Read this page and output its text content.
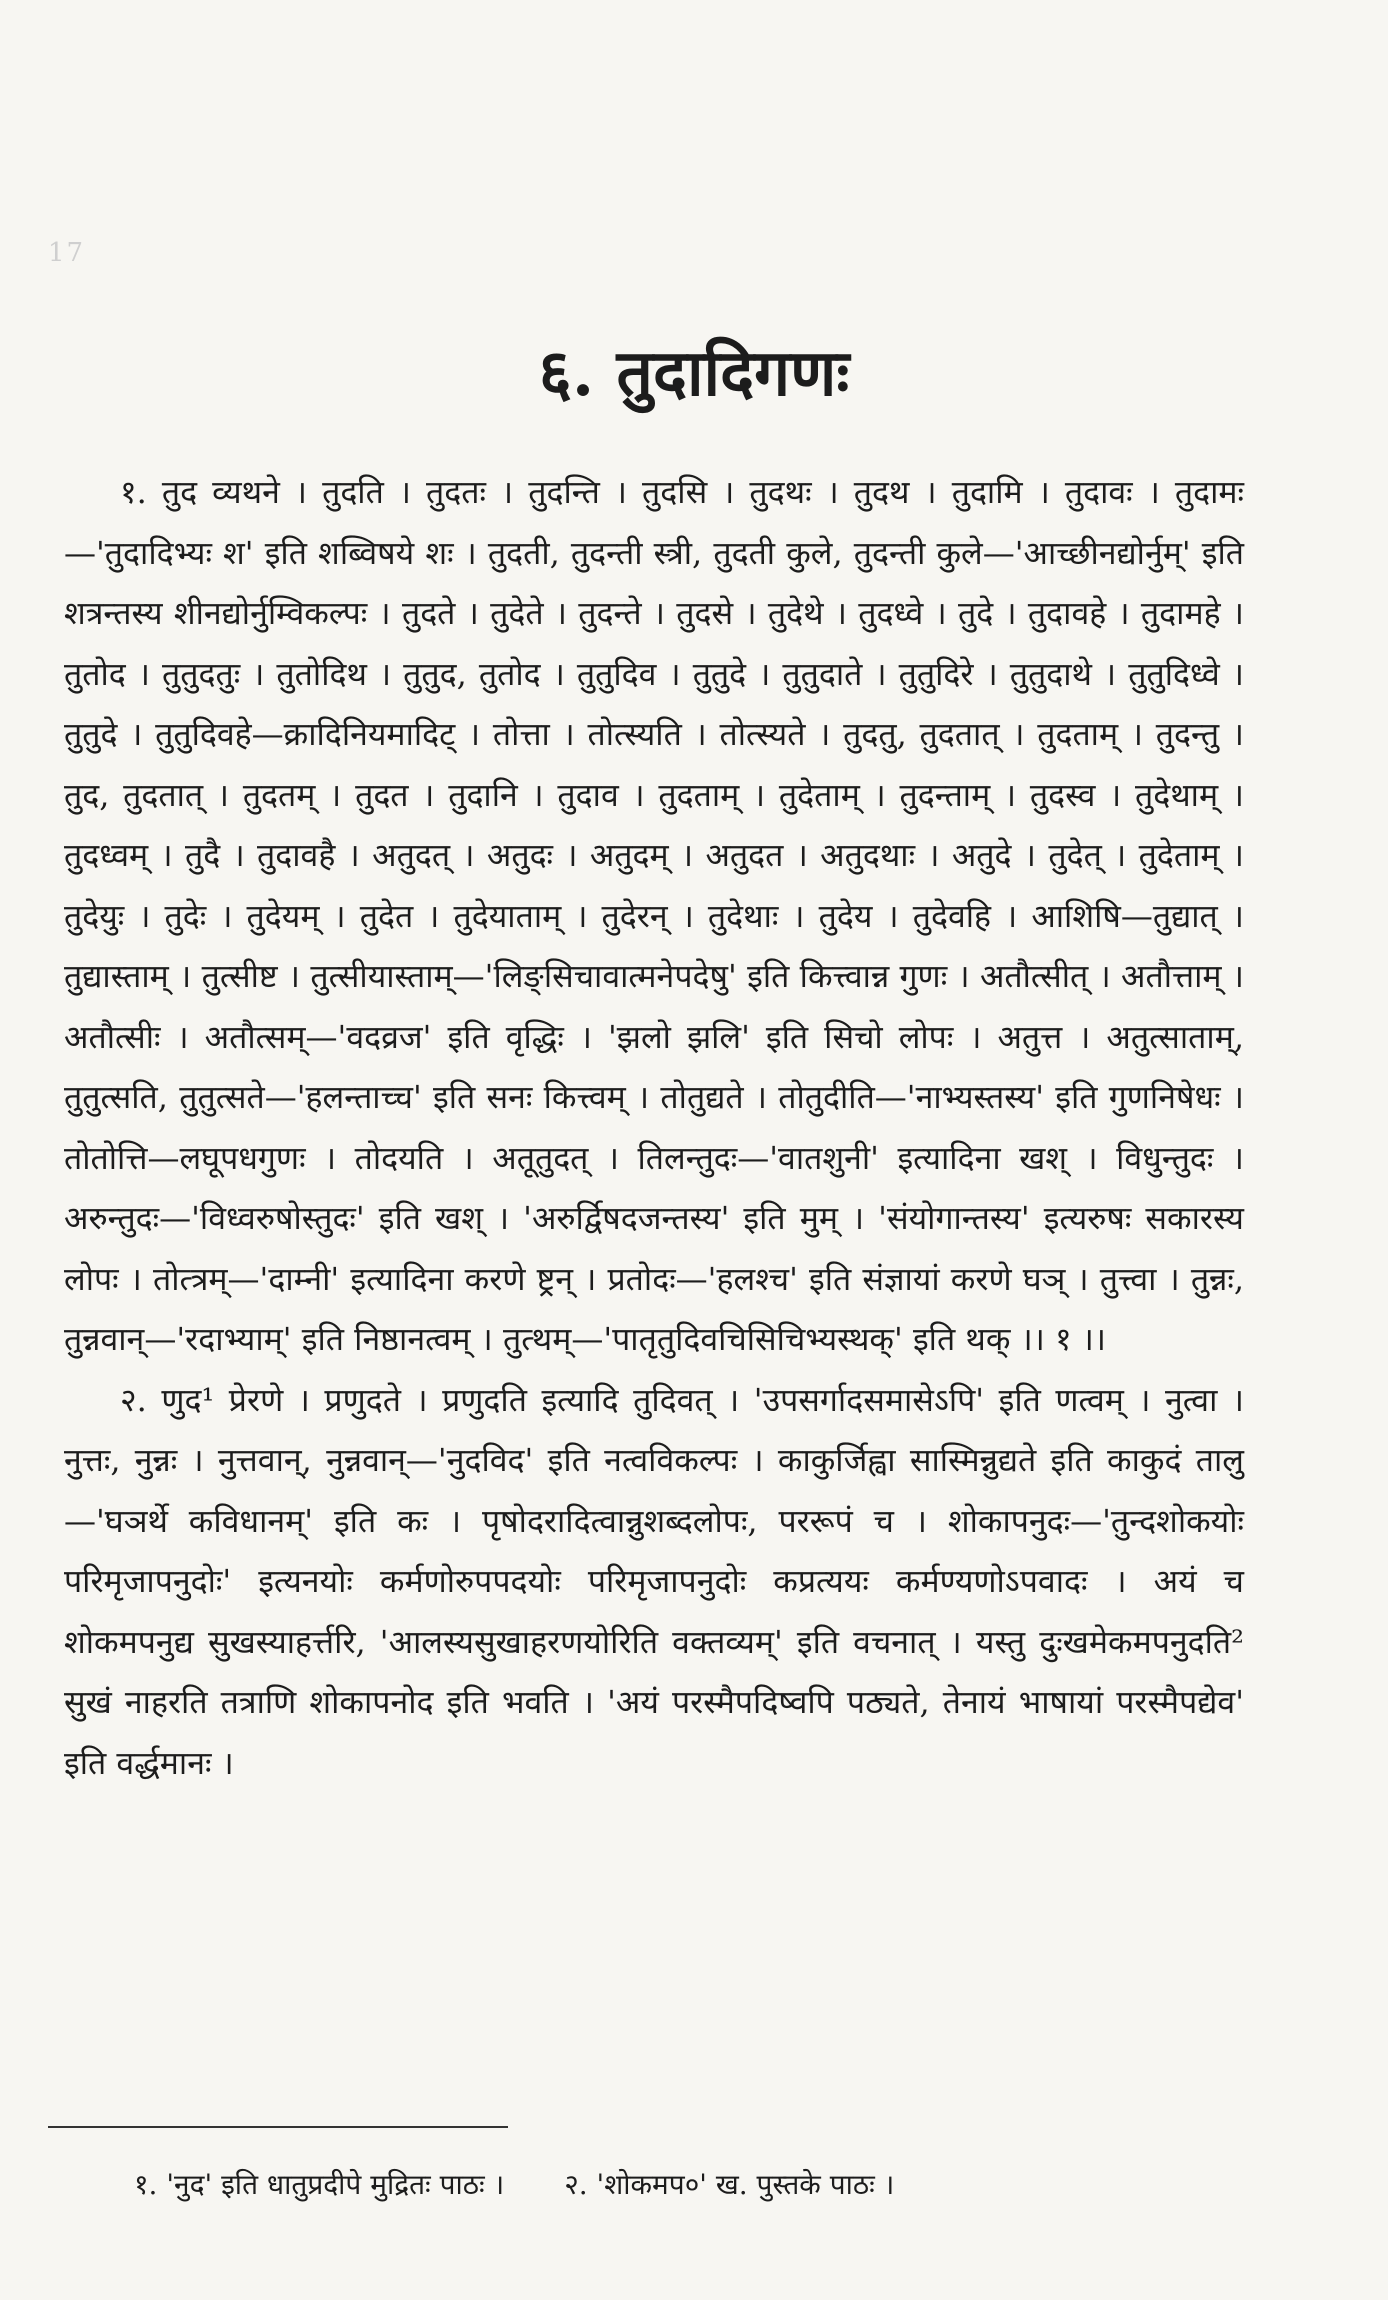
17
६. तुदादिगणः

१. तुद व्यथने । तुदति । तुदतः । तुदन्ति । तुदसि । तुदथः । तुदथ । तुदामि । तुदावः । तुदामः—'तुदादिभ्यः श' इति शब्विषये शः । तुदती, तुदन्ती स्त्री, तुदती कुले, तुदन्ती कुले—'आच्छीनद्योर्नुम्' इति शत्रन्तस्य शीनद्योर्नुम्विकल्पः । तुदते । तुदेते । तुदन्ते । तुदसे । तुदेथे । तुदध्वे । तुदे । तुदावहे । तुदामहे । तुतोद । तुतुदतुः । तुतोदिथ । तुतुद, तुतोद । तुतुदिव । तुतुदे । तुतुदाते । तुतुदिरे । तुतुदाथे । तुतुदिध्वे । तुतुदे । तुतुदिवहे—क्रादिनियमादिट् । तोत्ता । तोत्स्यति । तोत्स्यते । तुदतु, तुदतात् । तुदताम् । तुदन्तु । तुद, तुदतात् । तुदतम् । तुदत । तुदानि । तुदाव । तुदताम् । तुदेताम् । तुदन्ताम् । तुदस्व । तुदेथाम् । तुदध्वम् । तुदै । तुदावहै । अतुदत् । अतुदः । अतुदम् । अतुदत । अतुदथाः । अतुदे । तुदेत् । तुदेताम् । तुदेयुः । तुदेः । तुदेयम् । तुदेत । तुदेयाताम् । तुदेरन् । तुदेथाः । तुदेय । तुदेवहि । आशिषि—तुद्यात् । तुद्यास्ताम् । तुत्सीष्ट । तुत्सीयास्ताम्—'लिङ्सिचावात्मनेपदेषु' इति कित्त्वान्न गुणः । अतौत्सीत् । अतौत्ताम् । अतौत्सीः । अतौत्सम्—'वदव्रज' इति वृद्धिः । 'झलो झलि' इति सिचो लोपः । अतुत्त । अतुत्साताम्, तुतुत्सति, तुतुत्सते—'हलन्ताच्च' इति सनः कित्त्वम् । तोतुद्यते । तोतुदीति—'नाभ्यस्तस्य' इति गुणनिषेधः । तोतोत्ति—लघूपधगुणः । तोदयति । अतूतुदत् । तिलन्तुदः—'वातशुनी' इत्यादिना खश् । विधुन्तुदः । अरुन्तुदः—'विध्वरुषोस्तुदः' इति खश् । 'अरुर्द्विषदजन्तस्य' इति मुम् । 'संयोगान्तस्य' इत्यरुषः सकारस्य लोपः । तोत्त्रम्—'दाम्नी' इत्यादिना करणे ष्ट्रन् । प्रतोदः—'हलश्च' इति संज्ञायां करणे घञ् । तुत्त्वा । तुन्नः, तुन्नवान्—'रदाभ्याम्' इति निष्ठानत्वम् । तुत्थम्—'पातृतुदिवचिसिचिभ्यस्थक्' इति थक् ।। १ ।।

२. णुद¹ प्रेरणे । प्रणुदते । प्रणुदति इत्यादि तुदिवत् । 'उपसर्गादसमासेऽपि' इति णत्वम् । नुत्वा । नुत्तः, नुन्नः । नुत्तवान्, नुन्नवान्—'नुदविद' इति नत्वविकल्पः । काकुर्जिह्वा सास्मिन्नुद्यते इति काकुदं तालु—'घञर्थे कविधानम्' इति कः । पृषोदरादित्वान्नुशब्दलोपः, पररूपं च । शोकापनुदः—'तुन्दशोकयोः परिमृजापनुदोः' इत्यनयोः कर्मणोरुपपदयोः परिमृजापनुदोः कप्रत्ययः कर्मण्यणोऽपवादः । अयं च शोकमपनुद्य सुखस्याहर्त्तरि, 'आलस्यसुखाहरणयोरिति वक्तव्यम्' इति वचनात् । यस्तु दुःखमेकमपनुदति² सुखं नाहरति तत्राणि शोकापनोद इति भवति । 'अयं परस्मैपदिष्वपि पठ्यते, तेनायं भाषायां परस्मैपद्येव' इति वर्द्धमानः ।

१. 'नुद' इति धातुप्रदीपे मुद्रितः पाठः । २. 'शोकमप०' ख. पुस्तके पाठः ।
